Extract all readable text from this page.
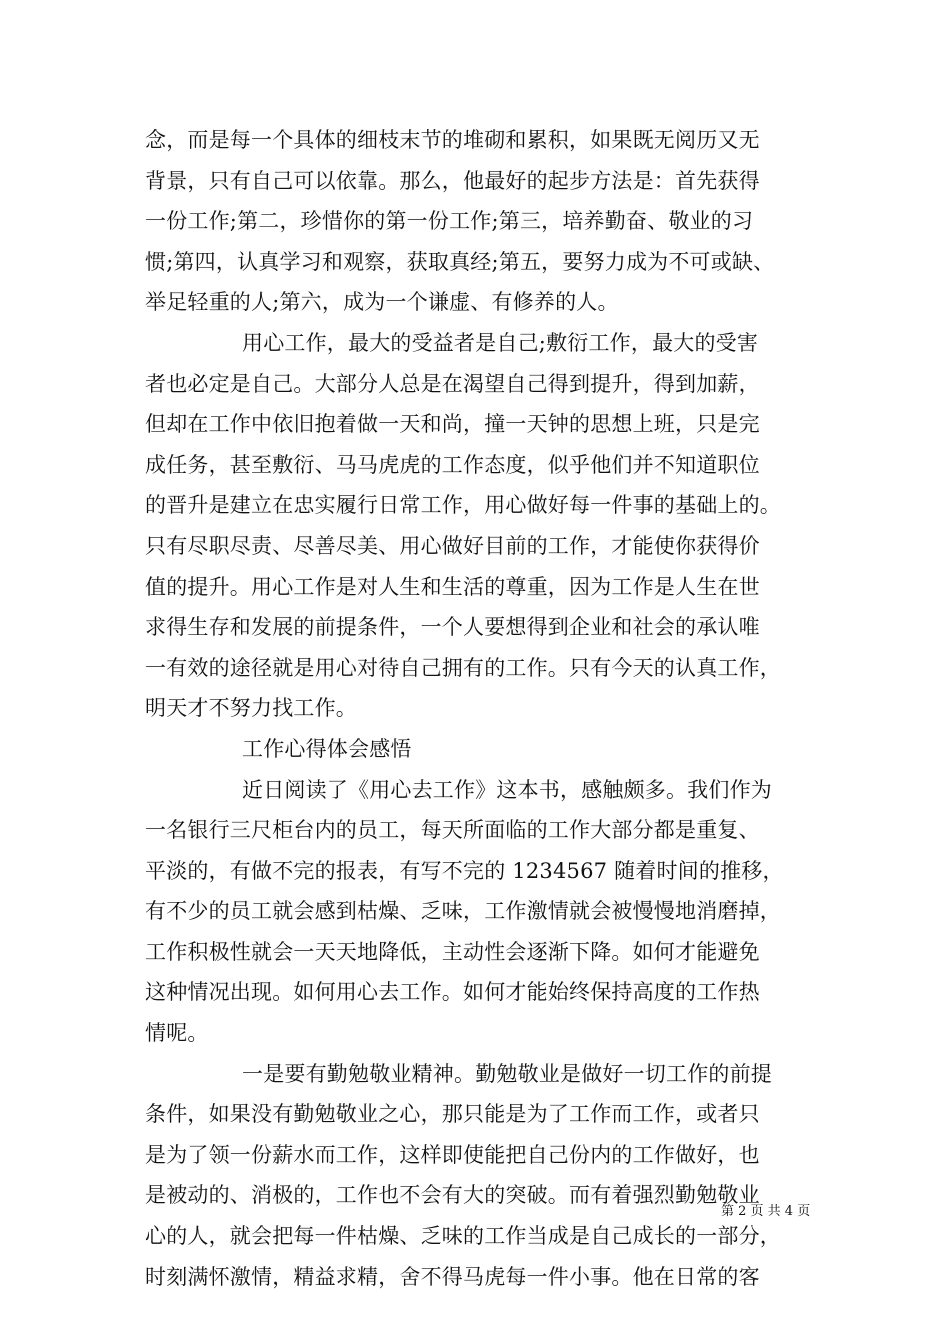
念，而是每一个具体的细枝末节的堆砌和累积，如果既无阅历又无
背景，只有自己可以依靠。那么，他最好的起步方法是：首先获得
一份工作;第二，珍惜你的第一份工作;第三，培养勤奋、敬业的习
惯;第四，认真学习和观察，获取真经;第五，要努力成为不可或缺、
举足轻重的人;第六，成为一个谦虚、有修养的人。
用心工作，最大的受益者是自己;敷衍工作，最大的受害
者也必定是自己。大部分人总是在渴望自己得到提升，得到加薪，
但却在工作中依旧抱着做一天和尚，撞一天钟的思想上班，只是完
成任务，甚至敷衍、马马虎虎的工作态度，似乎他们并不知道职位
的晋升是建立在忠实履行日常工作，用心做好每一件事的基础上的。
只有尽职尽责、尽善尽美、用心做好目前的工作，才能使你获得价
值的提升。用心工作是对人生和生活的尊重，因为工作是人生在世
求得生存和发展的前提条件，一个人要想得到企业和社会的承认唯
一有效的途径就是用心对待自己拥有的工作。只有今天的认真工作，
明天才不努力找工作。
工作心得体会感悟
近日阅读了《用心去工作》这本书，感触颇多。我们作为
一名银行三尺柜台内的员工，每天所面临的工作大部分都是重复、
平淡的，有做不完的报表，有写不完的 1234567 随着时间的推移，
有不少的员工就会感到枯燥、乏味，工作激情就会被慢慢地消磨掉，
工作积极性就会一天天地降低，主动性会逐渐下降。如何才能避免
这种情况出现。如何用心去工作。如何才能始终保持高度的工作热
情呢。
一是要有勤勉敬业精神。勤勉敬业是做好一切工作的前提
条件，如果没有勤勉敬业之心，那只能是为了工作而工作，或者只
是为了领一份薪水而工作，这样即使能把自己份内的工作做好，也
是被动的、消极的，工作也不会有大的突破。而有着强烈勤勉敬业
心的人，就会把每一件枯燥、乏味的工作当成是自己成长的一部分，
时刻满怀激情，精益求精，舍不得马虎每一件小事。他在日常的客
第 2 页 共 4 页
